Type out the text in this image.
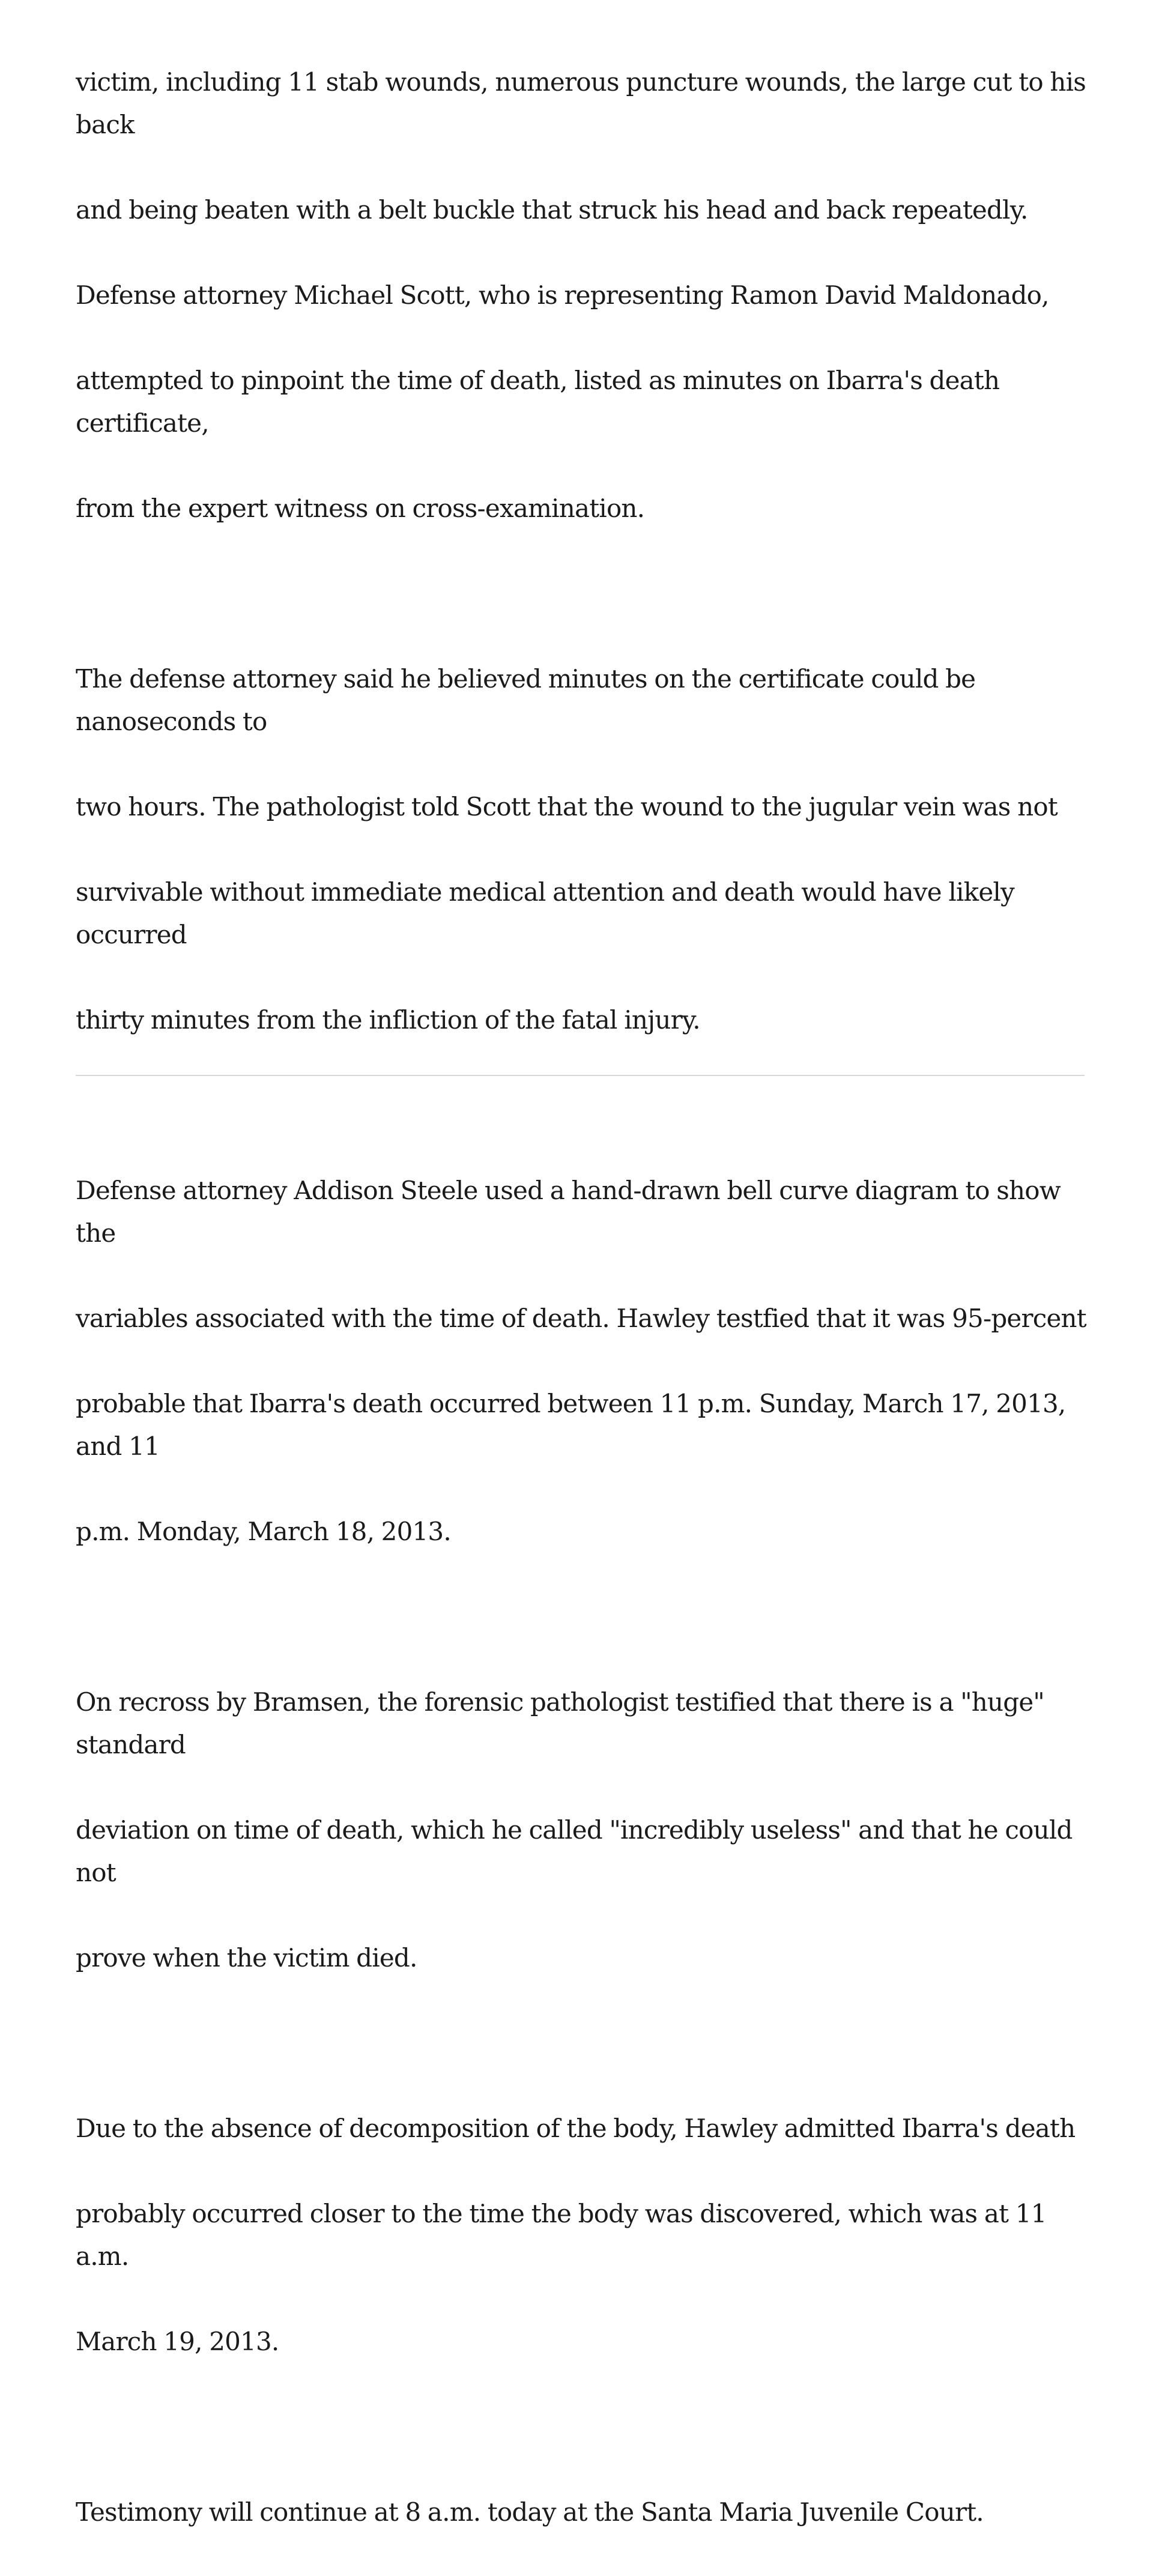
victim, including 11 stab wounds, numerous puncture wounds, the large cut to his back

and being beaten with a belt buckle that struck his head and back repeatedly.

Defense attorney Michael Scott, who is representing Ramon David Maldonado,

attempted to pinpoint the time of death, listed as minutes on Ibarra's death certificate,

from the expert witness on cross-examination.

The defense attorney said he believed minutes on the certificate could be nanoseconds to

two hours. The pathologist told Scott that the wound to the jugular vein was not

survivable without immediate medical attention and death would have likely occurred

thirty minutes from the infliction of the fatal injury.

Defense attorney Addison Steele used a hand-drawn bell curve diagram to show the

variables associated with the time of death. Hawley testfied that it was 95-percent

probable that Ibarra's death occurred between 11 p.m. Sunday, March 17, 2013, and 11

p.m. Monday, March 18, 2013.

On recross by Bramsen, the forensic pathologist testified that there is a "huge" standard

deviation on time of death, which he called "incredibly useless" and that he could not

prove when the victim died.

Due to the absence of decomposition of the body, Hawley admitted Ibarra's death

probably occurred closer to the time the body was discovered, which was at 11 a.m.

March 19, 2013.

Testimony will continue at 8 a.m. today at the Santa Maria Juvenile Court.
